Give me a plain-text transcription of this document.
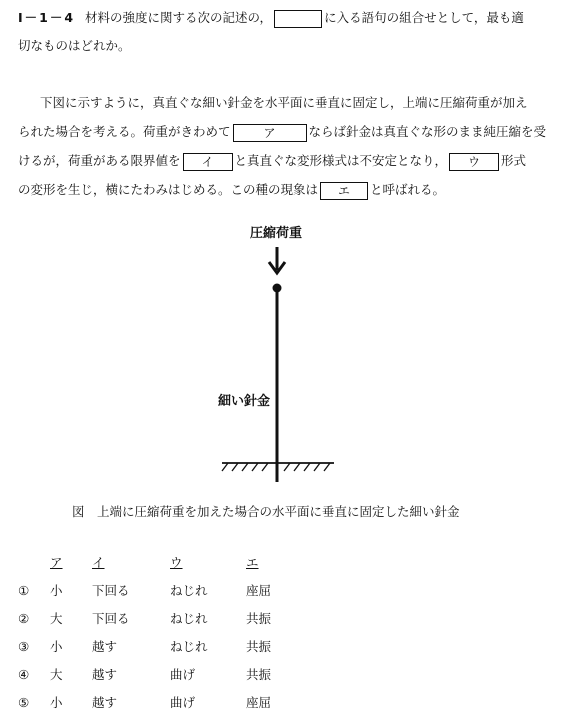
I－1－4 材料の強度に関する次の記述の，	に入る語句の組合せとして，最も適
切なものはどれか。
下図に示すように，真直ぐな細い針金を水平面に垂直に固定し，上端に圧縮荷重が加え
られた場合を考える。荷重がきわめて	ア	ならば針金は真直ぐな形のまま純圧縮を受
けるが，荷重がある限界値を イ と真直ぐな変形様式は不安定となり， ウ 形式
の変形を生じ，横にたわみはじめる。この種の現象は エ と呼ばれる。
圧縮荷重
細い針金
図　上端に圧縮荷重を加えた場合の水平面に垂直に固定した細い針金
	ア	イ	ウ	エ
①	小	下回る	ねじれ	座屈
②	大	下回る	ねじれ	共振
③	小	越す	ねじれ	共振
④	大	越す	曲げ	共振
⑤	小	越す	曲げ	座屈
